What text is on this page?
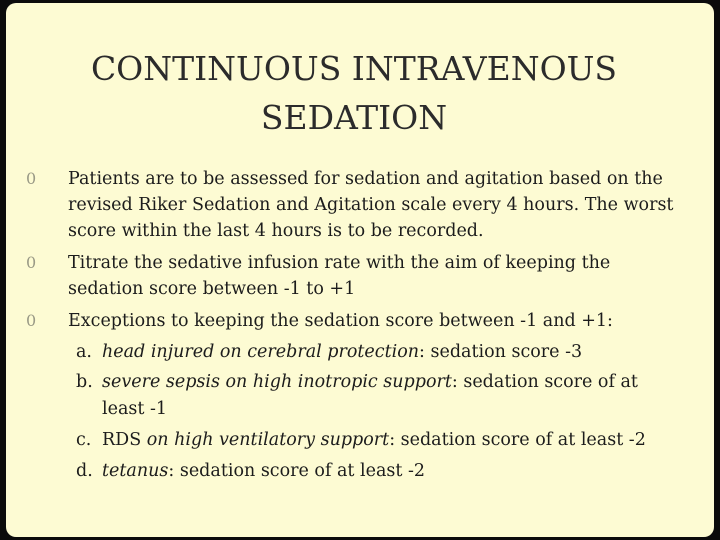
CONTINUOUS INTRAVENOUS
SEDATION
0 Patients are to be assessed for sedation and agitation based on the revised Riker Sedation and Agitation scale every 4 hours. The worst score within the last 4 hours is to be recorded.
0 Titrate the sedative infusion rate with the aim of keeping the sedation score between -1 to +1
0 Exceptions to keeping the sedation score between -1 and +1:
a. head injured on cerebral protection: sedation score -3
b. severe sepsis on high inotropic support: sedation score of at least -1
c. RDS on high ventilatory support: sedation score of at least -2
d. tetanus: sedation score of at least -2
